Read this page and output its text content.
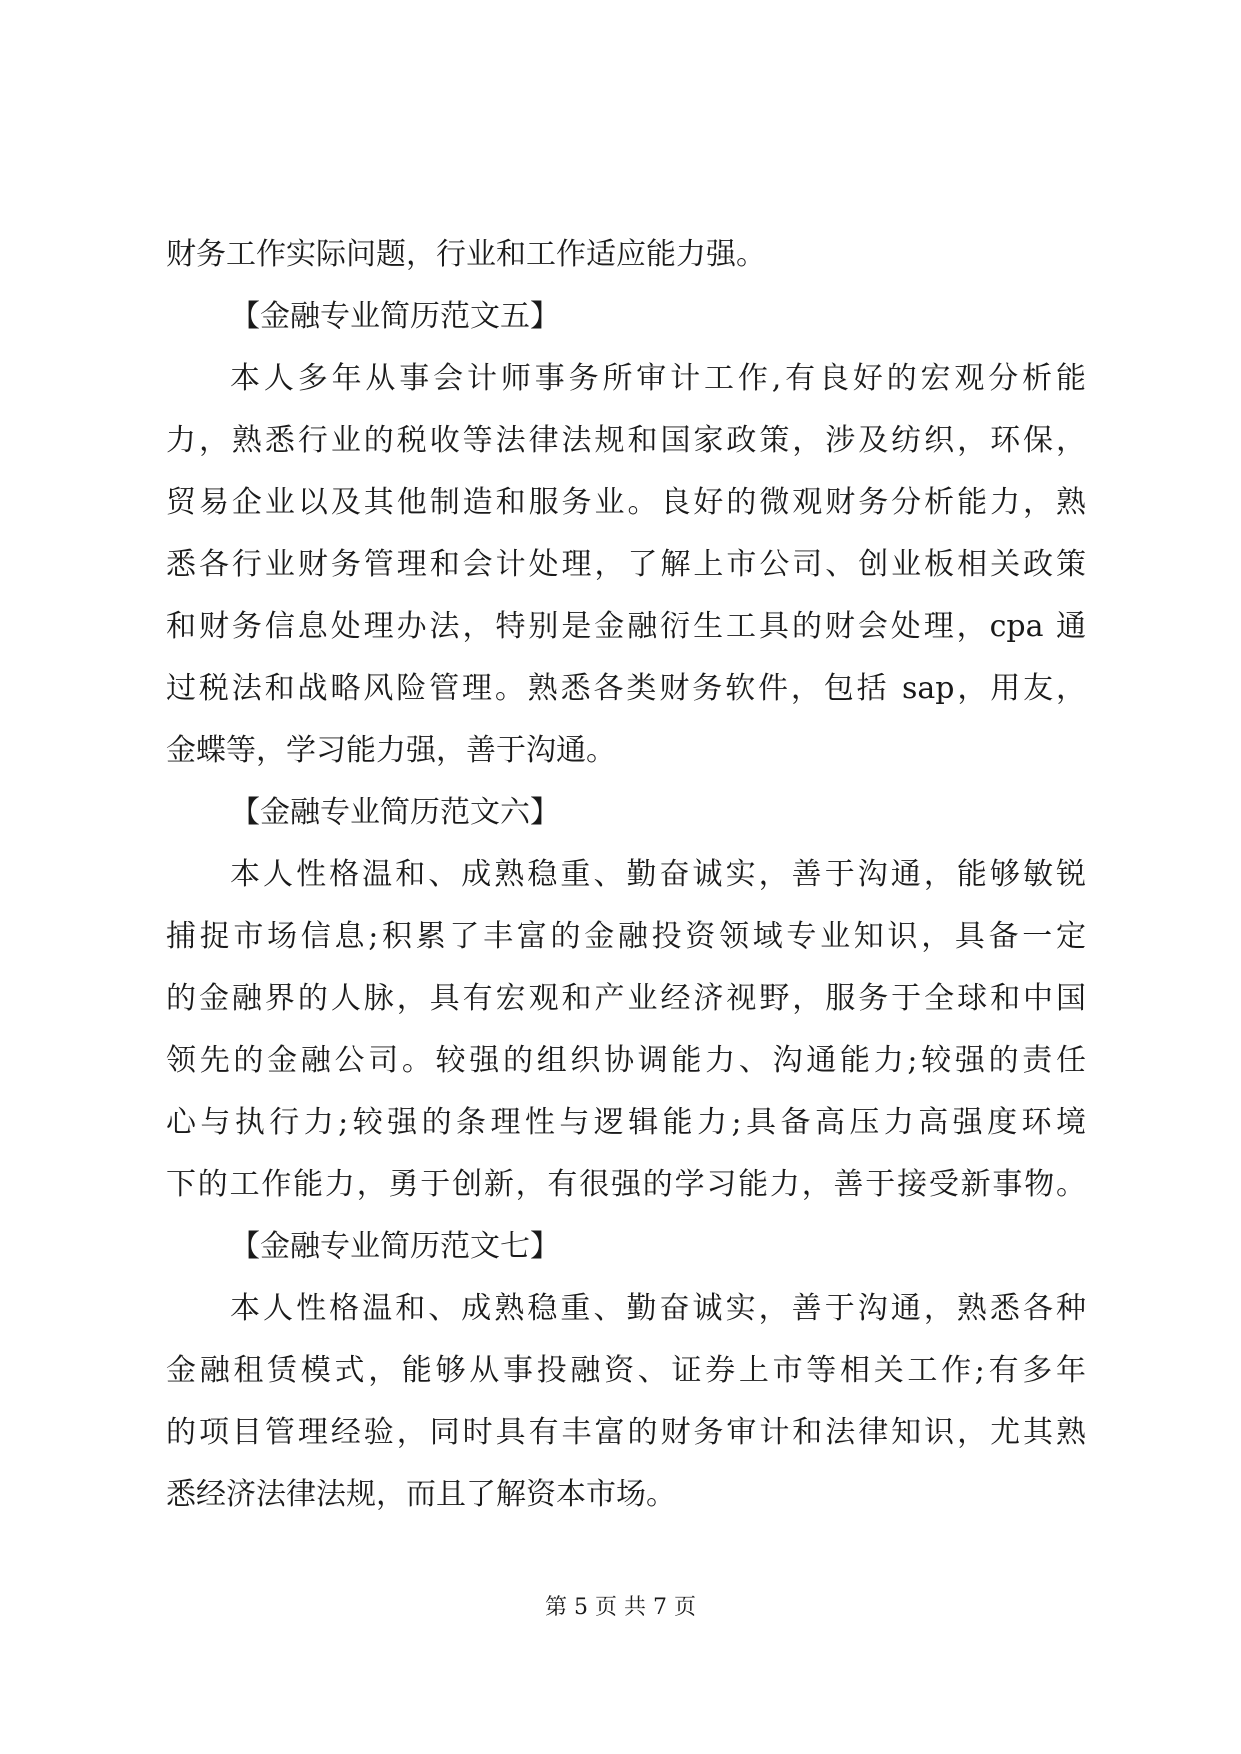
财务工作实际问题，行业和工作适应能力强。
【金融专业简历范文五】
本人多年从事会计师事务所审计工作,有良好的宏观分析能
力，熟悉行业的税收等法律法规和国家政策，涉及纺织，环保，
贸易企业以及其他制造和服务业。良好的微观财务分析能力，熟
悉各行业财务管理和会计处理，了解上市公司、创业板相关政策
和财务信息处理办法，特别是金融衍生工具的财会处理，cpa 通
过税法和战略风险管理。熟悉各类财务软件，包括 sap，用友，
金蝶等，学习能力强，善于沟通。
【金融专业简历范文六】
本人性格温和、成熟稳重、勤奋诚实，善于沟通，能够敏锐
捕捉市场信息;积累了丰富的金融投资领域专业知识，具备一定
的金融界的人脉，具有宏观和产业经济视野，服务于全球和中国
领先的金融公司。较强的组织协调能力、沟通能力;较强的责任
心与执行力;较强的条理性与逻辑能力;具备高压力高强度环境
下的工作能力，勇于创新，有很强的学习能力，善于接受新事物。
【金融专业简历范文七】
本人性格温和、成熟稳重、勤奋诚实，善于沟通，熟悉各种
金融租赁模式，能够从事投融资、证券上市等相关工作;有多年
的项目管理经验，同时具有丰富的财务审计和法律知识，尤其熟
悉经济法律法规，而且了解资本市场。
第 5 页 共 7 页
